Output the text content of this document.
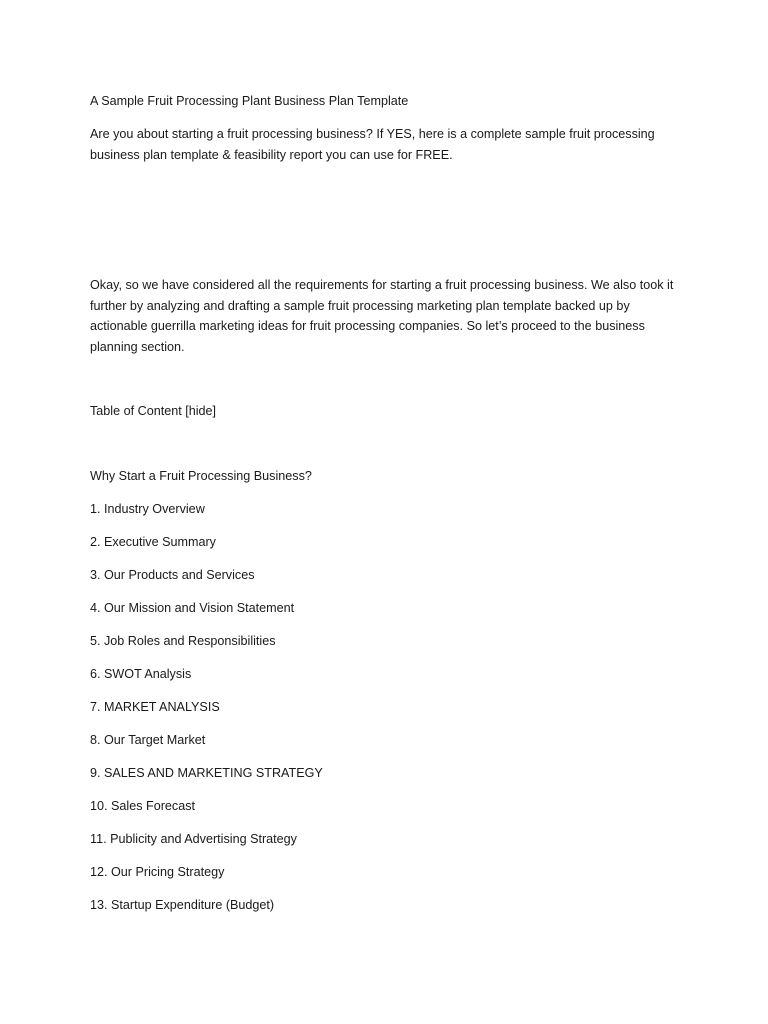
A Sample Fruit Processing Plant Business Plan Template

Are you about starting a fruit processing business? If YES, here is a complete sample fruit processing
business plan template & feasibility report you can use for FREE.
Okay, so we have considered all the requirements for starting a fruit processing business. We also took it
further by analyzing and drafting a sample fruit processing marketing plan template backed up by
actionable guerrilla marketing ideas for fruit processing companies. So let’s proceed to the business
planning section.

Table of Content [hide]

Why Start a Fruit Processing Business?

1. Industry Overview

2. Executive Summary

3. Our Products and Services

4. Our Mission and Vision Statement

5. Job Roles and Responsibilities

6. SWOT Analysis

7. MARKET ANALYSIS

8. Our Target Market

9. SALES AND MARKETING STRATEGY

10. Sales Forecast

11. Publicity and Advertising Strategy

12. Our Pricing Strategy

13. Startup Expenditure (Budget)
